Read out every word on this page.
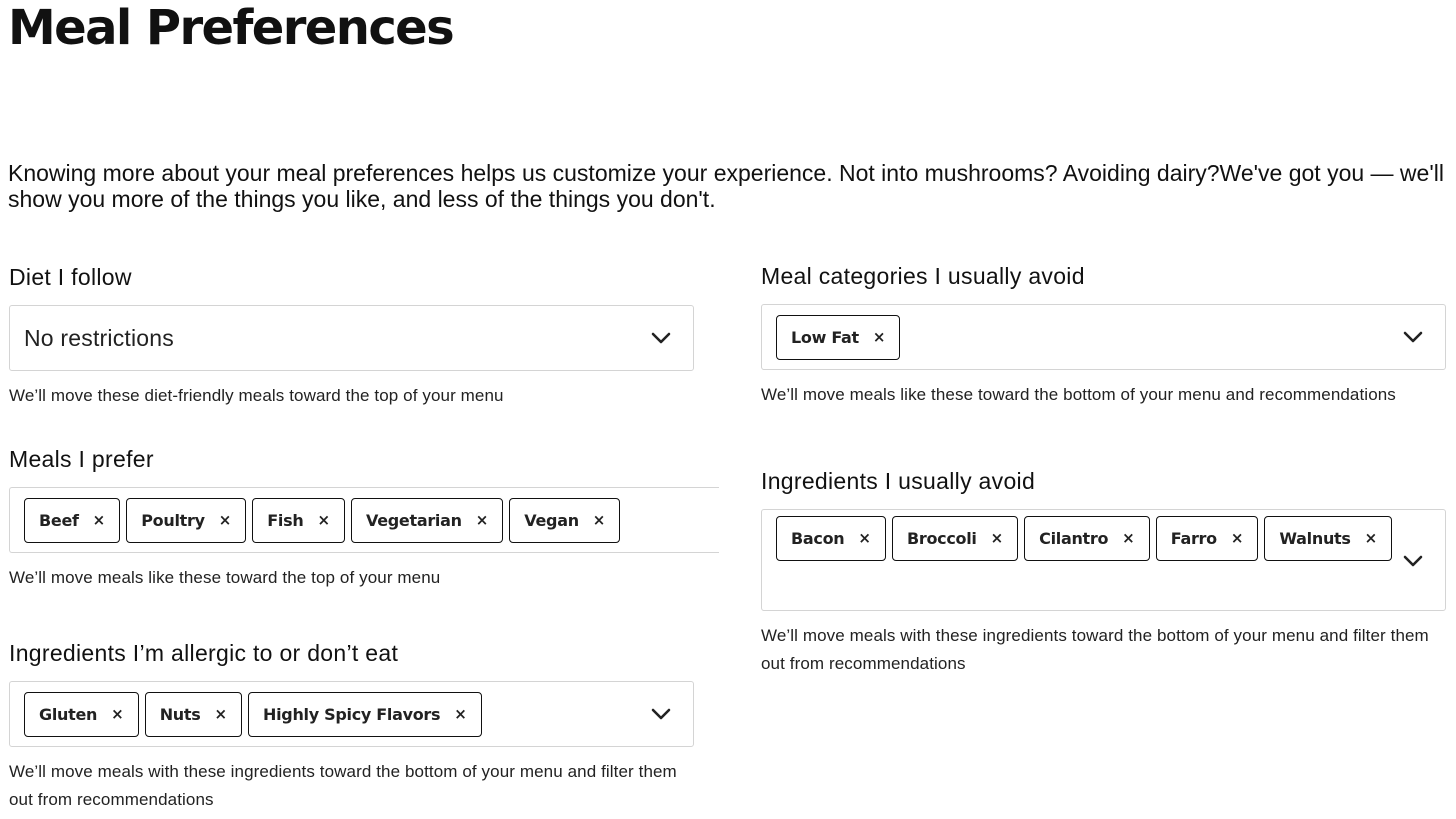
Meal Preferences

Knowing more about your meal preferences helps us customize your experience. Not into mushrooms? Avoiding dairy?We've got you — we'll show you more of the things you like, and less of the things you don't.

Diet I follow
No restrictions
We’ll move these diet-friendly meals toward the top of your menu
Meals I prefer
Beef × Poultry × Fish × Vegetarian × Vegan ×
We’ll move meals like these toward the top of your menu
Ingredients I’m allergic to or don’t eat
Gluten × Nuts × Highly Spicy Flavors ×
We’ll move meals with these ingredients toward the bottom of your menu and filter them out from recommendations
Meal categories I usually avoid
Low Fat ×
We’ll move meals like these toward the bottom of your menu and recommendations
Ingredients I usually avoid
Bacon × Broccoli × Cilantro × Farro × Walnuts ×
We’ll move meals with these ingredients toward the bottom of your menu and filter them out from recommendations
